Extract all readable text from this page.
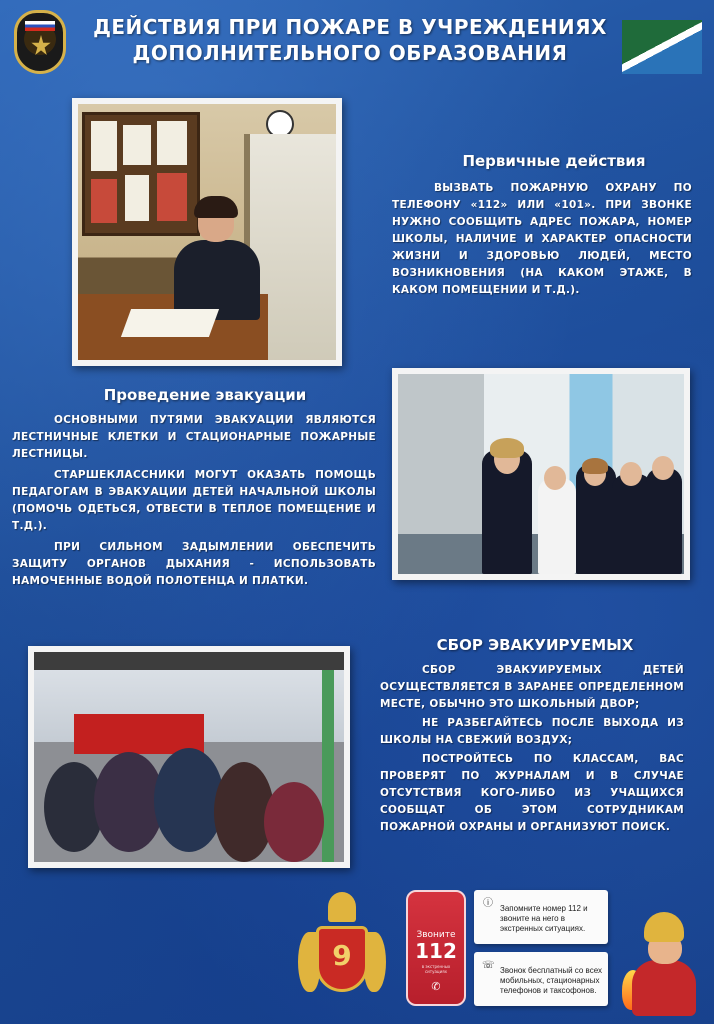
ДЕЙСТВИЯ ПРИ ПОЖАРЕ В УЧРЕЖДЕНИЯХ ДОПОЛНИТЕЛЬНОГО ОБРАЗОВАНИЯ
Первичные действия

ВЫЗВАТЬ ПОЖАРНУЮ ОХРАНУ ПО ТЕЛЕФОНУ «112» ИЛИ «101». ПРИ ЗВОНКЕ НУЖНО СООБЩИТЬ АДРЕС ПОЖАРА, НОМЕР ШКОЛЫ, НАЛИЧИЕ И ХАРАКТЕР ОПАСНОСТИ ЖИЗНИ И ЗДОРОВЬЮ ЛЮДЕЙ, МЕСТО ВОЗНИКНОВЕНИЯ (НА КАКОМ ЭТАЖЕ, В КАКОМ ПОМЕЩЕНИИ И Т.Д.).

Проведение эвакуации

ОСНОВНЫМИ ПУТЯМИ ЭВАКУАЦИИ ЯВЛЯЮТСЯ ЛЕСТНИЧНЫЕ КЛЕТКИ И СТАЦИОНАРНЫЕ ПОЖАРНЫЕ ЛЕСТНИЦЫ.

СТАРШЕКЛАССНИКИ МОГУТ ОКАЗАТЬ ПОМОЩЬ ПЕДАГОГАМ В ЭВАКУАЦИИ ДЕТЕЙ НАЧАЛЬНОЙ ШКОЛЫ (ПОМОЧЬ ОДЕТЬСЯ, ОТВЕСТИ В ТЕПЛОЕ ПОМЕЩЕНИЕ И Т.Д.).

ПРИ СИЛЬНОМ ЗАДЫМЛЕНИИ ОБЕСПЕЧИТЬ ЗАЩИТУ ОРГАНОВ ДЫХАНИЯ - ИСПОЛЬЗОВАТЬ НАМОЧЕННЫЕ ВОДОЙ ПОЛОТЕНЦА И ПЛАТКИ.

СБОР ЭВАКУИРУЕМЫХ

СБОР ЭВАКУИРУЕМЫХ ДЕТЕЙ ОСУЩЕСТВЛЯЕТСЯ В ЗАРАНЕЕ ОПРЕДЕЛЕННОМ МЕСТЕ, ОБЫЧНО ЭТО ШКОЛЬНЫЙ ДВОР;

НЕ РАЗБЕГАЙТЕСЬ ПОСЛЕ ВЫХОДА ИЗ ШКОЛЫ НА СВЕЖИЙ ВОЗДУХ;

ПОСТРОЙТЕСЬ ПО КЛАССАМ, ВАС ПРОВЕРЯТ ПО ЖУРНАЛАМ И В СЛУЧАЕ ОТСУТСТВИЯ КОГО-ЛИБО ИЗ УЧАЩИХСЯ СООБЩАТ ОБ ЭТОМ СОТРУДНИКАМ ПОЖАРНОЙ ОХРАНЫ И ОРГАНИЗУЮТ ПОИСК.

9
Звоните
112
в экстренных ситуациях
✆
ⓘ Запомните номер 112 и звоните на него в экстренных ситуациях.
☏ Звонок бесплатный со всех мобильных, стационарных телефонов и таксофонов.
